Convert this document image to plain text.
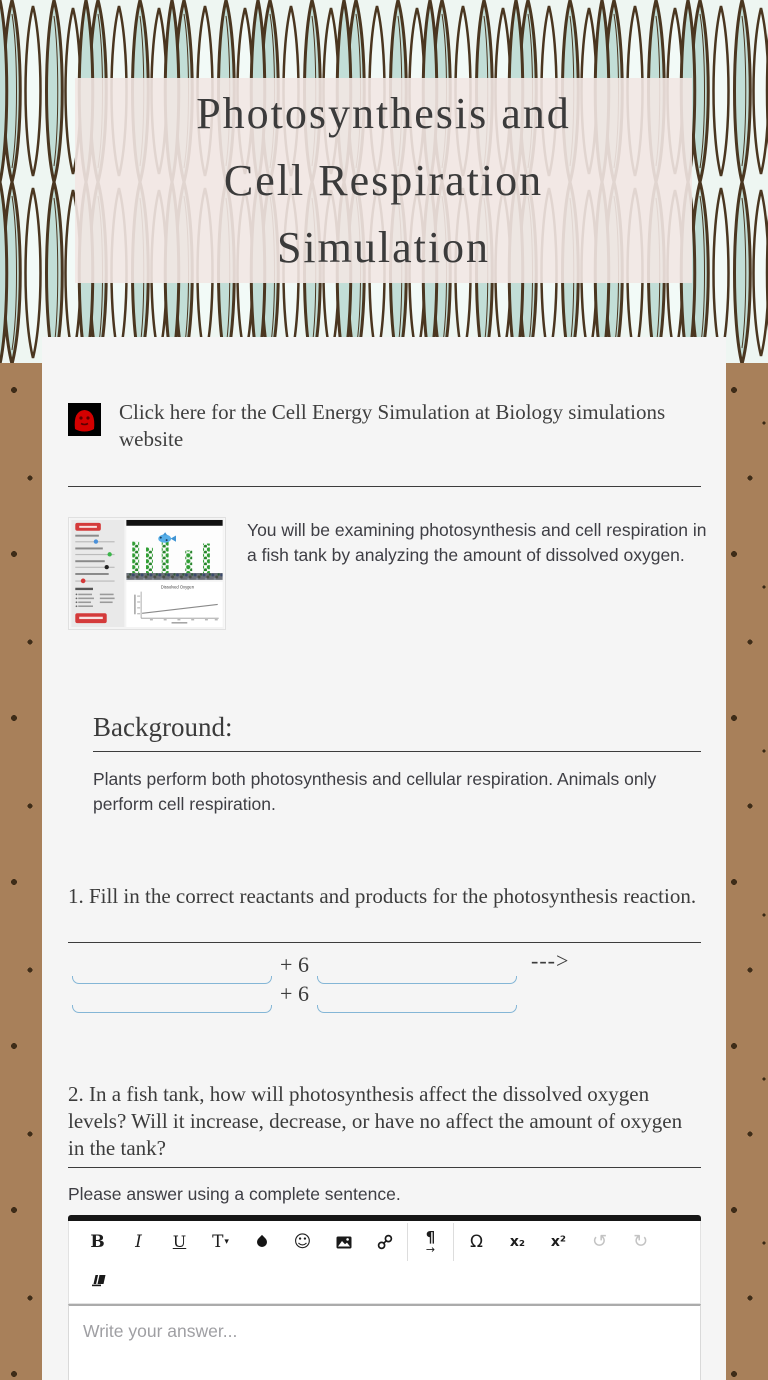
Photosynthesis and
Cell Respiration
Simulation
Click here for the Cell Energy Simulation at Biology simulations website
Dissolved Oxygen
You will be examining photosynthesis and cell respiration in a fish tank by analyzing the amount of dissolved oxygen.
Background:
Plants perform both photosynthesis and cellular respiration. Animals only perform cell respiration.
1. Fill in the correct reactants and products for the photosynthesis reaction.
+ 6	--->
+ 6
2. In a fish tank, how will photosynthesis affect the dissolved oxygen levels? Will it increase, decrease, or have no affect the amount of oxygen in the tank?
Please answer using a complete sentence.
B	I	U	T ▾	☺	¶
→	Ω	x₂	x²	↺	↻
Write your answer...
